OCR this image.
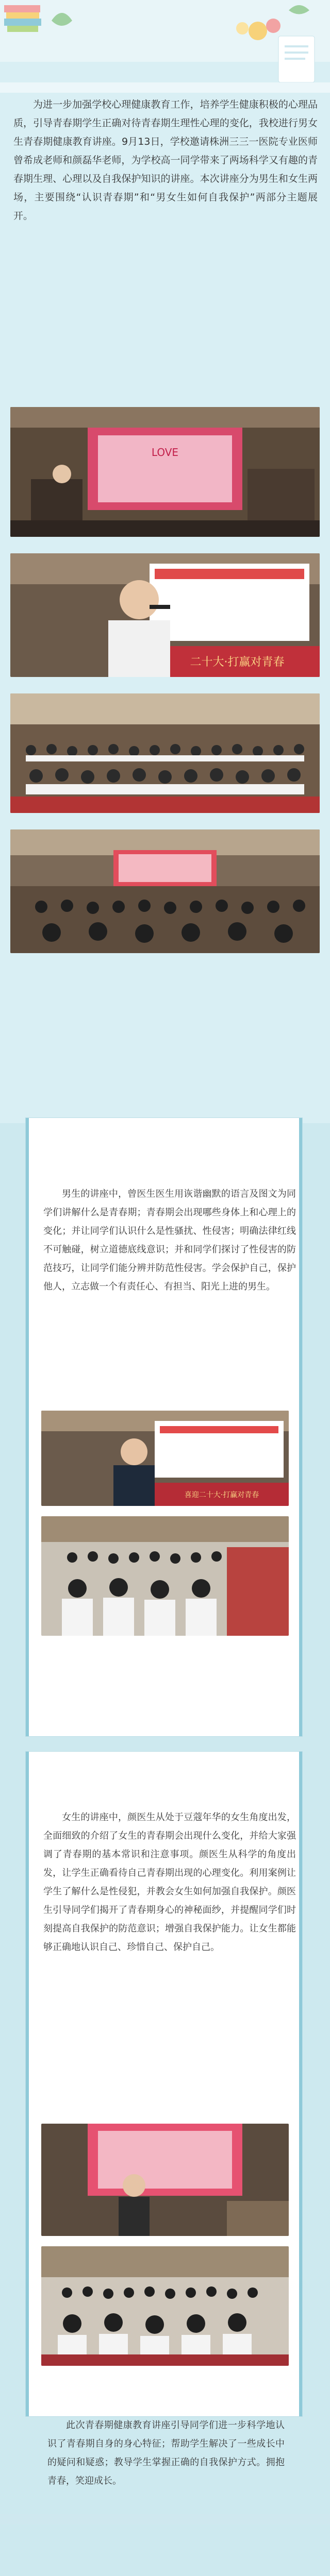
为进一步加强学校心理健康教育工作，培养学生健康积极的心理品质，引导青春期学生正确对待青春期生理性心理的变化，我校进行男女生青春期健康教育讲座。9月13日，学校邀请株洲三三一医院专业医师曾希成老师和颜磊华老师，为学校高一同学带来了两场科学又有趣的青春期生理、心理以及自我保护知识的讲座。本次讲座分为男生和女生两场，主要围绕“认识青春期”和“男女生如何自我保护”两部分主题展开。

LOVE
二十大·打赢对青春

男生的讲座中，曾医生医生用诙谐幽默的语言及图文为同学们讲解什么是青春期；青春期会出现哪些身体上和心理上的变化；并让同学们认识什么是性骚扰、性侵害；明确法律红线不可触碰，树立道德底线意识；并和同学们探讨了性侵害的防范技巧，让同学们能分辨并防范性侵害。学会保护自己，保护他人，立志做一个有责任心、有担当、阳光上进的男生。

喜迎二十大·打赢对青春

女生的讲座中，颜医生从处于豆蔻年华的女生角度出发，全面细致的介绍了女生的青春期会出现什么变化，并给大家强调了青春期的基本常识和注意事项。颜医生从科学的角度出发，让学生正确看待自己青春期出现的心理变化。利用案例让学生了解什么是性侵犯，并教会女生如何加强自我保护。颜医生引导同学们揭开了青春期身心的神秘面纱，并提醒同学们时刻提高自我保护的防范意识；增强自我保护能力。让女生都能够正确地认识自己、珍惜自己、保护自己。

此次青春期健康教育讲座引导同学们进一步科学地认识了青春期自身的身心特征；帮助学生解决了一些成长中的疑问和疑惑；教导学生掌握正确的自我保护方式。拥抱青春，笑迎成长。
